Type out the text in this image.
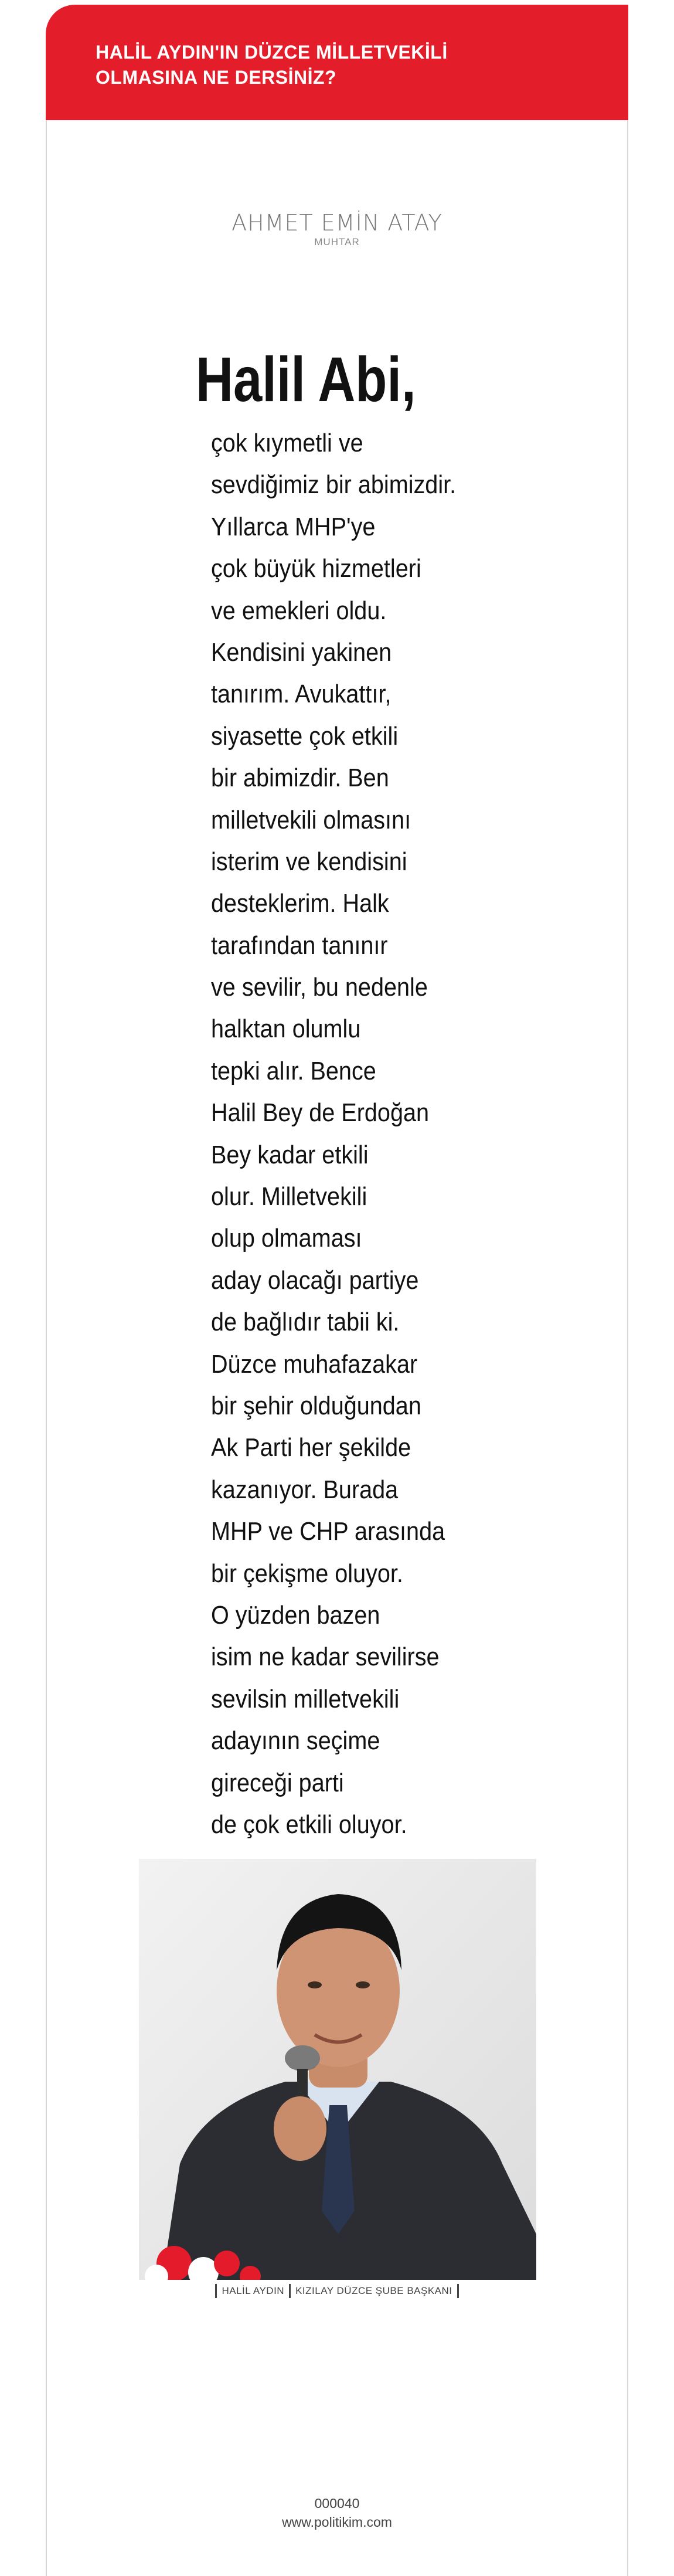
HALİL AYDIN'IN DÜZCE MİLLETVEKİLİ
OLMASINA NE DERSİNİZ?
AHMET EMİN ATAY
MUHTAR
Halil Abi,
çok kıymetli ve
sevdiğimiz bir abimizdir.
Yıllarca MHP'ye
çok büyük hizmetleri
ve emekleri oldu.
Kendisini yakinen
tanırım. Avukattır,
siyasette çok etkili
bir abimizdir. Ben
milletvekili olmasını
isterim ve kendisini
desteklerim. Halk
tarafından tanınır
ve sevilir, bu nedenle
halktan olumlu
tepki alır. Bence
Halil Bey de Erdoğan
Bey kadar etkili
olur. Milletvekili
olup olmaması
aday olacağı partiye
de bağlıdır tabii ki.
Düzce muhafazakar
bir şehir olduğundan
Ak Parti her şekilde
kazanıyor. Burada
MHP ve CHP arasında
bir çekişme oluyor.
O yüzden bazen
isim ne kadar sevilirse
sevilsin milletvekili
adayının seçime
gireceği parti
de çok etkili oluyor.
HALİL AYDIN KIZILAY DÜZCE ŞUBE BAŞKANI
000040
www.politikim.com
